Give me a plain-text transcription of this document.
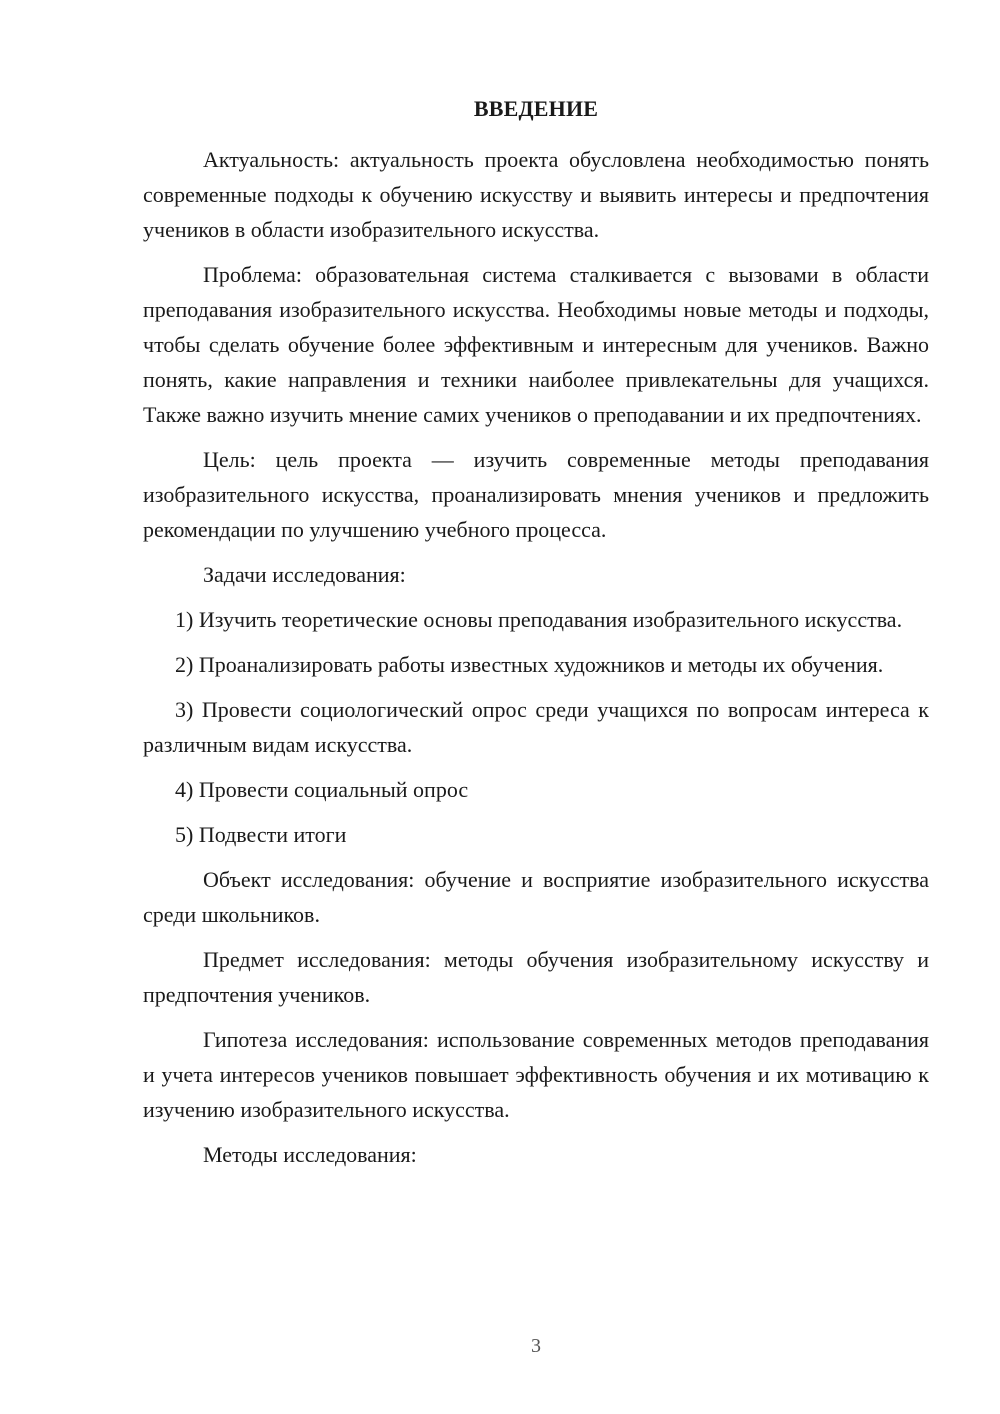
ВВЕДЕНИЕ

Актуальность: актуальность проекта обусловлена необходимостью понять современные подходы к обучению искусству и выявить интересы и предпочтения учеников в области изобразительного искусства.

Проблема: образовательная система сталкивается с вызовами в области преподавания изобразительного искусства. Необходимы новые методы и подходы, чтобы сделать обучение более эффективным и интересным для учеников. Важно понять, какие направления и техники наиболее привлекательны для учащихся. Также важно изучить мнение самих учеников о преподавании и их предпочтениях.

Цель: цель проекта — изучить современные методы преподавания изобразительного искусства, проанализировать мнения учеников и предложить рекомендации по улучшению учебного процесса.

Задачи исследования:

1) Изучить теоретические основы преподавания изобразительного искусства.

2) Проанализировать работы известных художников и методы их обучения.

3) Провести социологический опрос среди учащихся по вопросам интереса к различным видам искусства.

4) Провести социальный опрос

5) Подвести итоги

Объект исследования: обучение и восприятие изобразительного искусства среди школьников.

Предмет исследования: методы обучения изобразительному искусству и предпочтения учеников.

Гипотеза исследования: использование современных методов преподавания и учета интересов учеников повышает эффективность обучения и их мотивацию к изучению изобразительного искусства.

Методы исследования:

3
